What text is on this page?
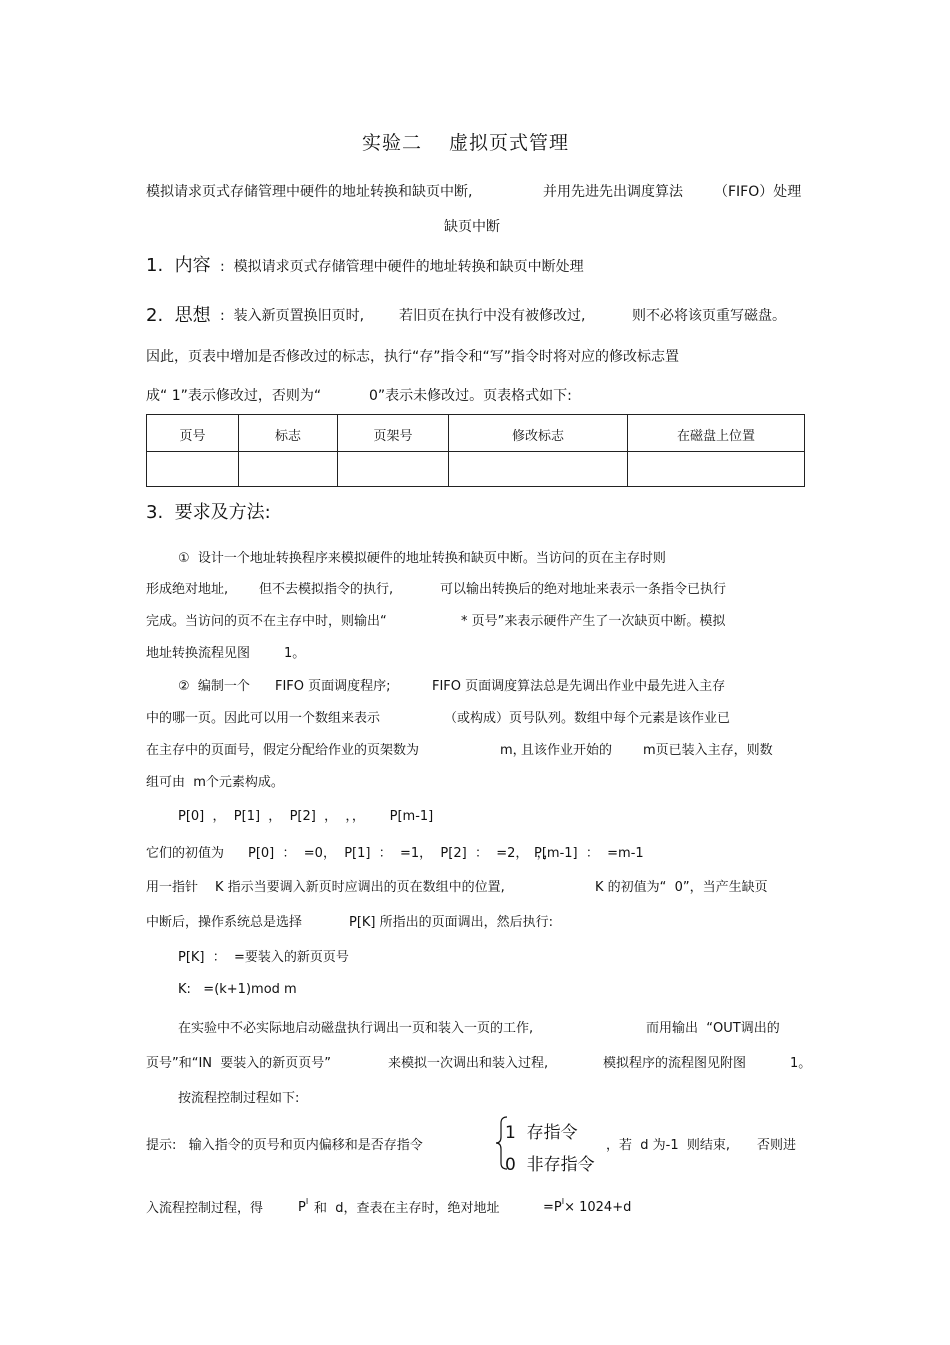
实验二　 虚拟页式管理
模拟请求页式存储管理中硬件的地址转换和缺页中断,	并用先进先出调度算法 （FIFO）处理
缺页中断
1.  内容 :  模拟请求页式存储管理中硬件的地址转换和缺页中断处理
2.  思想 :  装入新页置换旧页时, 若旧页在执行中没有被修改过,	则不必将该页重写磁盘。
因此，页表中增加是否修改过的标志，执行“存”指令和“写”指令时将对应的修改标志置
成“ 1”表示修改过，否则为“	0”表示未修改过。页表格式如下:
页号	标志	页架号	修改标志	在磁盘上位置

3.  要求及方法:
①  设计一个地址转换程序来模拟硬件的地址转换和缺页中断。当访问的页在主存时则
形成绝对地址, 但不去模拟指令的执行,	可以输出转换后的绝对地址来表示一条指令已执行
完成。当访问的页不在主存中时，则输出“	* 页号”来表示硬件产生了一次缺页中断。模拟
地址转换流程见图	1。
②  编制一个 FIFO 页面调度程序;	FIFO 页面调度算法总是先调出作业中最先进入主存
中的哪一页。因此可以用一个数组来表示	（或构成）页号队列。数组中每个元素是该作业已
在主存中的页面号，假定分配给作业的页架数为	m，
且该作业开始的 m页已装入主存，则数
组可由  m个元素构成。
P[0]  ，  P[1]  ，  P[2]  ，  ，，      P[m-1]
它们的初值为 P[0]  ：  =0，  P[1]  ：  =1，  P[2]  ：  =2，  ，，
P[m-1]  ：  =m-1
用一指针 K 指示当要调入新页时应调出的页在数组中的位置,	K 的初值为“  0”，当产生缺页
中断后，操作系统总是选择	P[K] 所指出的页面调出，然后执行:
P[K]  ：  =要装入的新页页号
K:   =(k+1)mod m
在实验中不必实际地启动磁盘执行调出一页和装入一页的工作,	而用输出  “OUT调出的
页号”和“IN  要装入的新页页号”	来模拟一次调出和装入过程,	模拟程序的流程图见附图	1。
按流程控制过程如下:
提示:   输入指令的页号和页内偏移和是否存指令
1  存指令
0  非存指令
，若  d 为-1  则结束, 否则进
入流程控制过程，得	$P^I$ 和  d，查表在主存时，绝对地址	$=P^I\times 1024+d$
